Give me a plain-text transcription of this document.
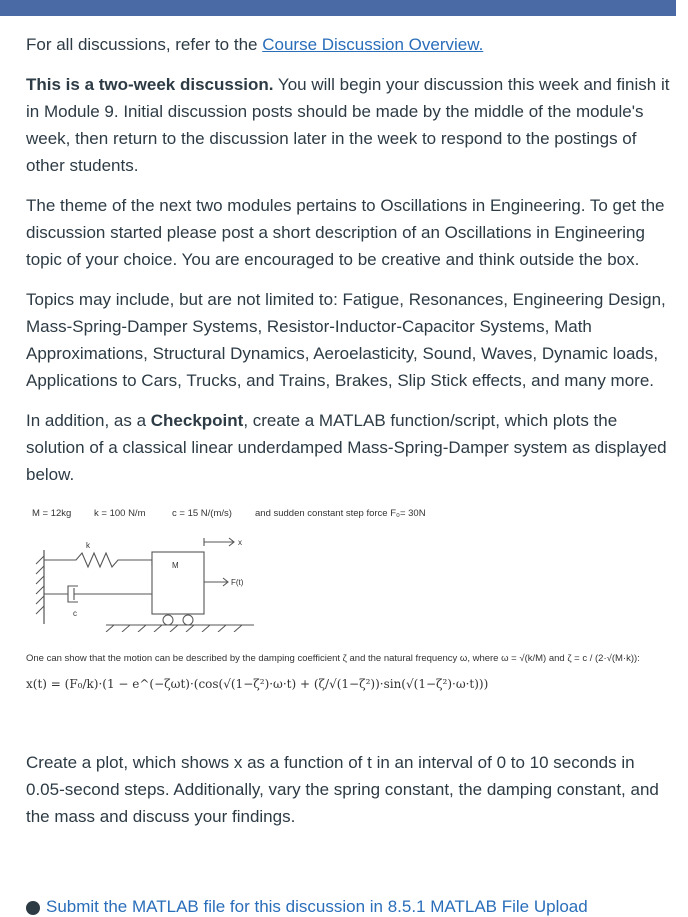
For all discussions, refer to the Course Discussion Overview.

This is a two-week discussion. You will begin your discussion this week and finish it in Module 9. Initial discussion posts should be made by the middle of the module's week, then return to the discussion later in the week to respond to the postings of other students.

The theme of the next two modules pertains to Oscillations in Engineering. To get the discussion started please post a short description of an Oscillations in Engineering topic of your choice. You are encouraged to be creative and think outside the box.

Topics may include, but are not limited to: Fatigue, Resonances, Engineering Design, Mass-Spring-Damper Systems, Resistor-Inductor-Capacitor Systems, Math Approximations, Structural Dynamics, Aeroelasticity, Sound, Waves, Dynamic loads, Applications to Cars, Trucks, and Trains, Brakes, Slip Stick effects, and many more.

In addition, as a Checkpoint, create a MATLAB function/script, which plots the solution of a classical linear underdamped Mass-Spring-Damper system as displayed below.

M = 12kg k = 100 N/m	c = 15 N/(m/s) and sudden constant step force F₀= 30N
k
c
M
F(t)
x
One can show that the motion can be described by the damping coefficient ζ and the natural frequency ω, where ω = √(k/M) and ζ = c / (2·√(M·k)):
x(t) = (F₀/k)·(1 − e^(−ζωt)·(cos(√(1−ζ²)·ω·t) + (ζ/√(1−ζ²))·sin(√(1−ζ²)·ω·t)))

Create a plot, which shows x as a function of t in an interval of 0 to 10 seconds in 0.05-second steps. Additionally, vary the spring constant, the damping constant, and the mass and discuss your findings.

Submit the MATLAB file for this discussion in 8.5.1 MATLAB File Upload
